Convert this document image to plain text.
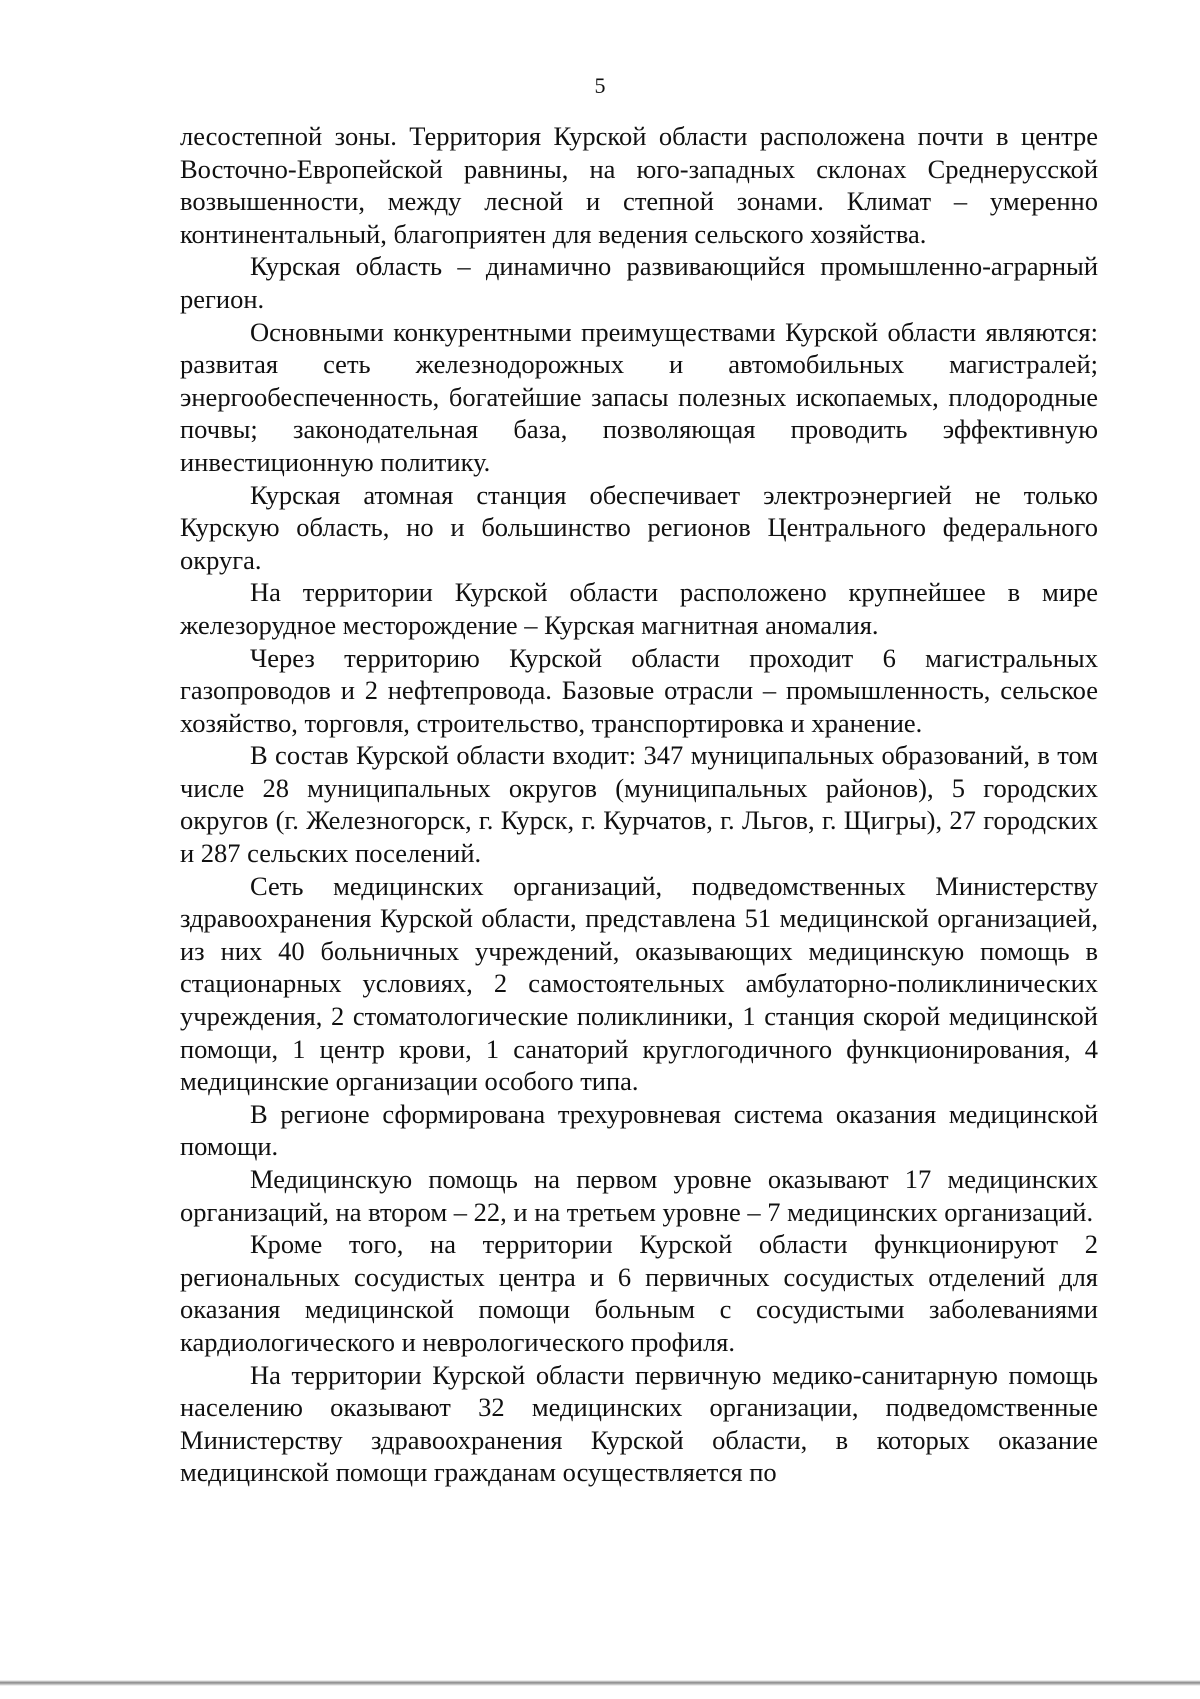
5

лесостепной зоны. Территория Курской области расположена почти в центре Восточно-Европейской равнины, на юго-западных склонах Среднерусской возвышенности, между лесной и степной зонами. Климат – умеренно континентальный, благоприятен для ведения сельского хозяйства.

Курская область – динамично развивающийся промышленно-аграрный регион.

Основными конкурентными преимуществами Курской области являются: развитая сеть железнодорожных и автомобильных магистралей; энергообеспеченность, богатейшие запасы полезных ископаемых, плодородные почвы; законодательная база, позволяющая проводить эффективную инвестиционную политику.

Курская атомная станция обеспечивает электроэнергией не только Курскую область, но и большинство регионов Центрального федерального округа.

На территории Курской области расположено крупнейшее в мире железорудное месторождение – Курская магнитная аномалия.

Через территорию Курской области проходит 6 магистральных газопроводов и 2 нефтепровода. Базовые отрасли – промышленность, сельское хозяйство, торговля, строительство, транспортировка и хранение.

В состав Курской области входит: 347 муниципальных образований, в том числе 28 муниципальных округов (муниципальных районов), 5 городских округов (г. Железногорск, г. Курск, г. Курчатов, г. Льгов, г. Щигры), 27 городских и 287 сельских поселений.

Сеть медицинских организаций, подведомственных Министерству здравоохранения Курской области, представлена 51 медицинской организацией, из них 40 больничных учреждений, оказывающих медицинскую помощь в стационарных условиях, 2 самостоятельных амбулаторно-поликлинических учреждения, 2 стоматологические поликлиники, 1 станция скорой медицинской помощи, 1 центр крови, 1 санаторий круглогодичного функционирования, 4 медицинские организации особого типа.

В регионе сформирована трехуровневая система оказания медицинской помощи.

Медицинскую помощь на первом уровне оказывают 17 медицинских организаций, на втором – 22, и на третьем уровне – 7 медицинских организаций.

Кроме того, на территории Курской области функционируют 2 региональных сосудистых центра и 6 первичных сосудистых отделений для оказания медицинской помощи больным с сосудистыми заболеваниями кардиологического и неврологического профиля.

На территории Курской области первичную медико-санитарную помощь населению оказывают 32 медицинских организации, подведомственные Министерству здравоохранения Курской области, в которых оказание медицинской помощи гражданам осуществляется по
